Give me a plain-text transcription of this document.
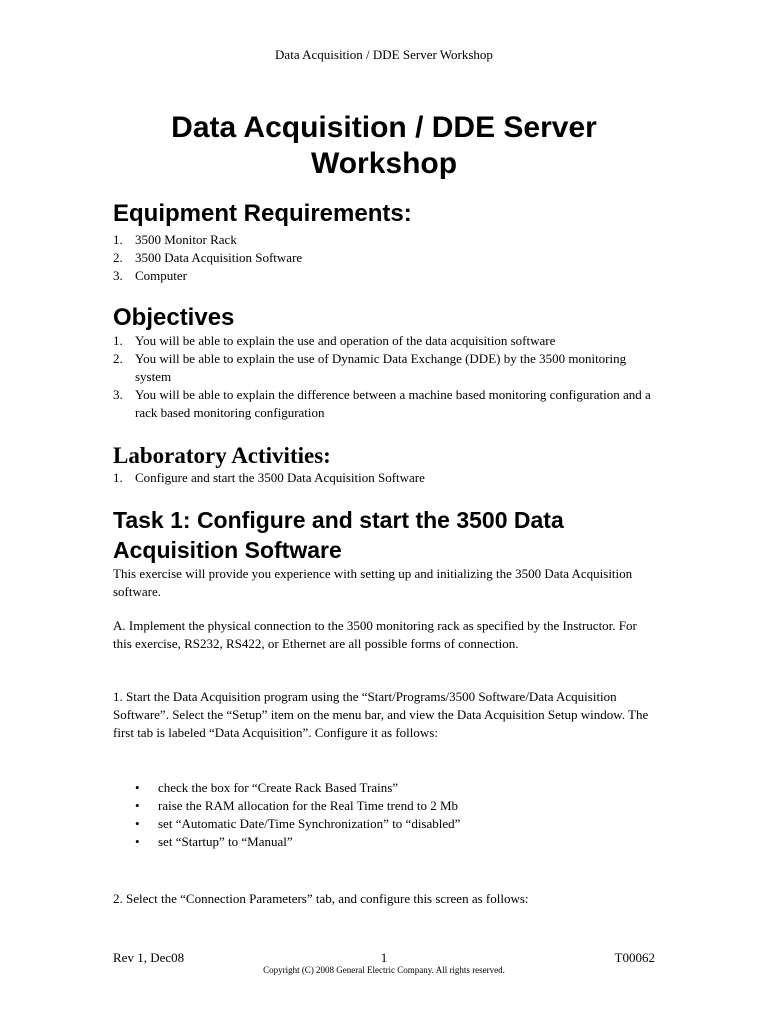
Data Acquisition / DDE Server Workshop
Data Acquisition / DDE Server
Workshop
Equipment Requirements:
1. 3500 Monitor Rack
2. 3500 Data Acquisition Software
3. Computer
Objectives
1. You will be able to explain the use and operation of the data acquisition software
2. You will be able to explain the use of Dynamic Data Exchange (DDE) by the 3500 monitoring system
3. You will be able to explain the difference between a machine based monitoring configuration and a rack based monitoring configuration
Laboratory Activities:
1. Configure and start the 3500 Data Acquisition Software
Task 1: Configure and start the 3500 Data
Acquisition Software

This exercise will provide you experience with setting up and initializing the 3500 Data Acquisition software.

A. Implement the physical connection to the 3500 monitoring rack as specified by the Instructor. For this exercise, RS232, RS422, or Ethernet are all possible forms of connection.

1. Start the Data Acquisition program using the “Start/Programs/3500 Software/Data Acquisition Software”. Select the “Setup” item on the menu bar, and view the Data Acquisition Setup window. The first tab is labeled “Data Acquisition”. Configure it as follows:

• check the box for “Create Rack Based Trains”
• raise the RAM allocation for the Real Time trend to 2 Mb
• set “Automatic Date/Time Synchronization” to “disabled”
• set “Startup” to “Manual”

2. Select the “Connection Parameters” tab, and configure this screen as follows:

Rev 1, Dec08	1	T00062
Copyright (C) 2008 General Electric Company. All rights reserved.
